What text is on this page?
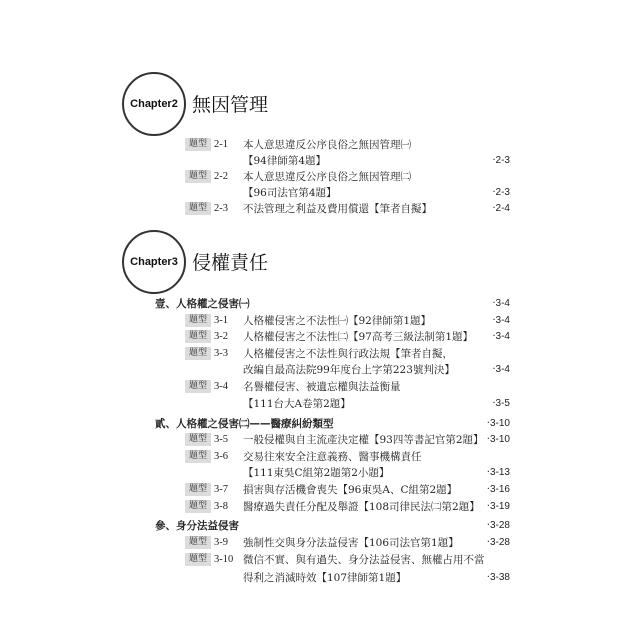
Chapter2 無因管理
題型 2-1 本人意思違反公序良俗之無因管理㈠
【94律師第4題】	‧2-3
題型 2-2 本人意思違反公序良俗之無因管理㈡
【96司法官第4題】	‧2-3
題型 2-3 不法管理之利益及費用償還【筆者自擬】	‧2-4
Chapter3 侵權責任
壹、人格權之侵害㈠	‧3-4
題型 3-1 人格權侵害之不法性㈠【92律師第1題】	‧3-4
題型 3-2 人格權侵害之不法性㈡【97高考三級法制第1題】 ‧3-4
題型 3-3 人格權侵害之不法性與行政法規【筆者自擬，
改編自最高法院99年度台上字第223號判決】	‧3-4
題型 3-4 名譽權侵害、被遺忘權與法益衡量
【111台大A卷第2題】	‧3-5
貳、人格權之侵害㈡——醫療糾紛類型	‧3-10
題型 3-5 一般侵權與自主流產決定權【93四等書記官第2題】 ‧3-10
題型 3-6 交易往來安全注意義務、醫事機構責任
【111東吳C組第2題第2小題】	‧3-13
題型 3-7 損害與存活機會喪失【96東吳A、C組第2題】	‧3-16
題型 3-8 醫療過失責任分配及舉證【108司律民法㈡第2題】 ‧3-19
參、身分法益侵害	‧3-28
題型 3-9 強制性交與身分法益侵害【106司法官第1題】	‧3-28
題型 3-10 微信不實、與有過失、身分法益侵害、無權占用不當
得利之消滅時效【107律師第1題】	‧3-38
